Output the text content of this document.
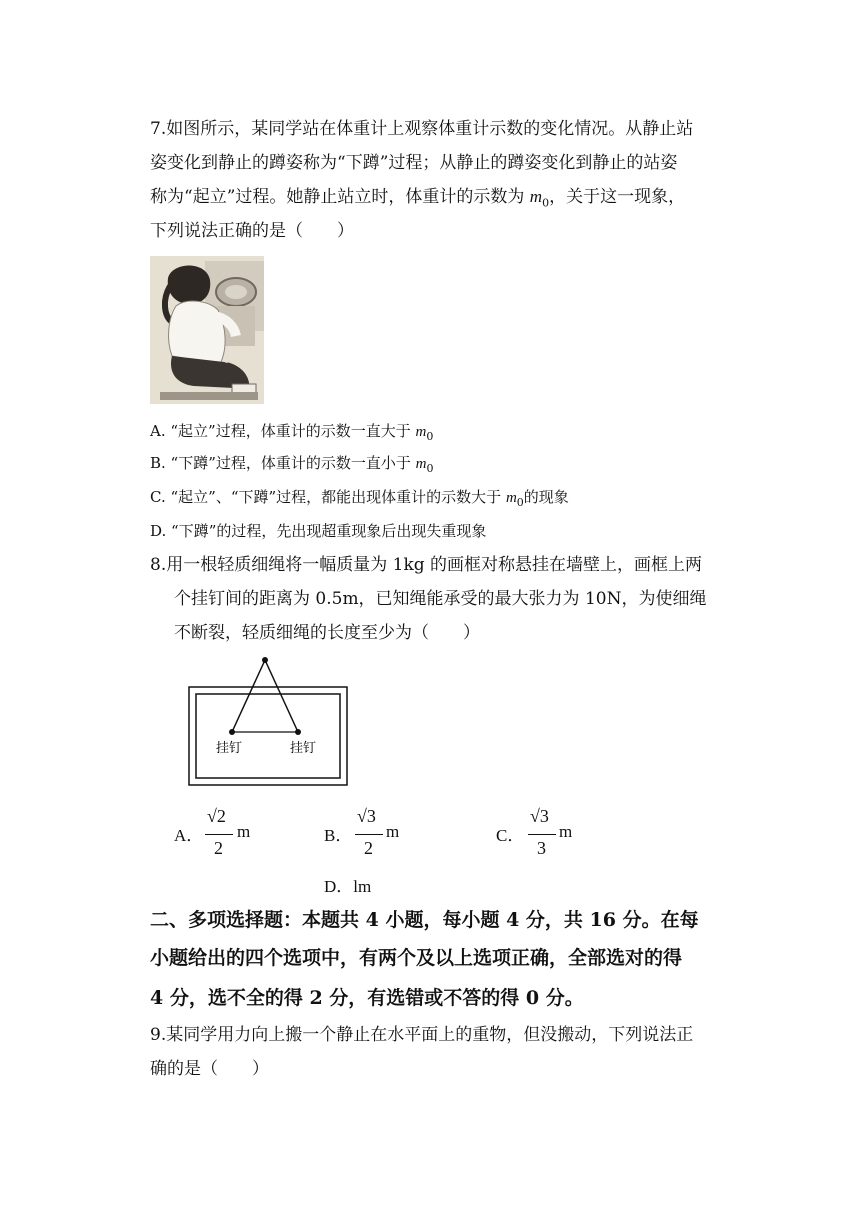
7.如图所示，某同学站在体重计上观察体重计示数的变化情况。从静止站
姿变化到静止的蹲姿称为“下蹲”过程；从静止的蹲姿变化到静止的站姿
称为“起立”过程。她静止站立时，体重计的示数为 $m_0$，关于这一现象，
下列说法正确的是（　　）
A. “起立”过程，体重计的示数一直大于 $m_0$
B. “下蹲”过程，体重计的示数一直小于 $m_0$
C. “起立”、“下蹲”过程，都能出现体重计的示数大于 $m_0$的现象
D. “下蹲”的过程，先出现超重现象后出现失重现象
8.用一根轻质细绳将一幅质量为 1kg 的画框对称悬挂在墙壁上，画框上两
个挂钉间的距离为 0.5m，已知绳能承受的最大张力为 10N，为使细绳
不断裂，轻质细绳的长度至少为（　　）
挂钉	挂钉
A．
√2
2
m	B．
√3
2
m	C．
√3
3
m
D．lm
二、多项选择题：本题共 4 小题，每小题 4 分，共 16 分。在每
小题给出的四个选项中，有两个及以上选项正确，全部选对的得
4 分，选不全的得 2 分，有选错或不答的得 0 分。
9.某同学用力向上搬一个静止在水平面上的重物，但没搬动，下列说法正
确的是（　　）
